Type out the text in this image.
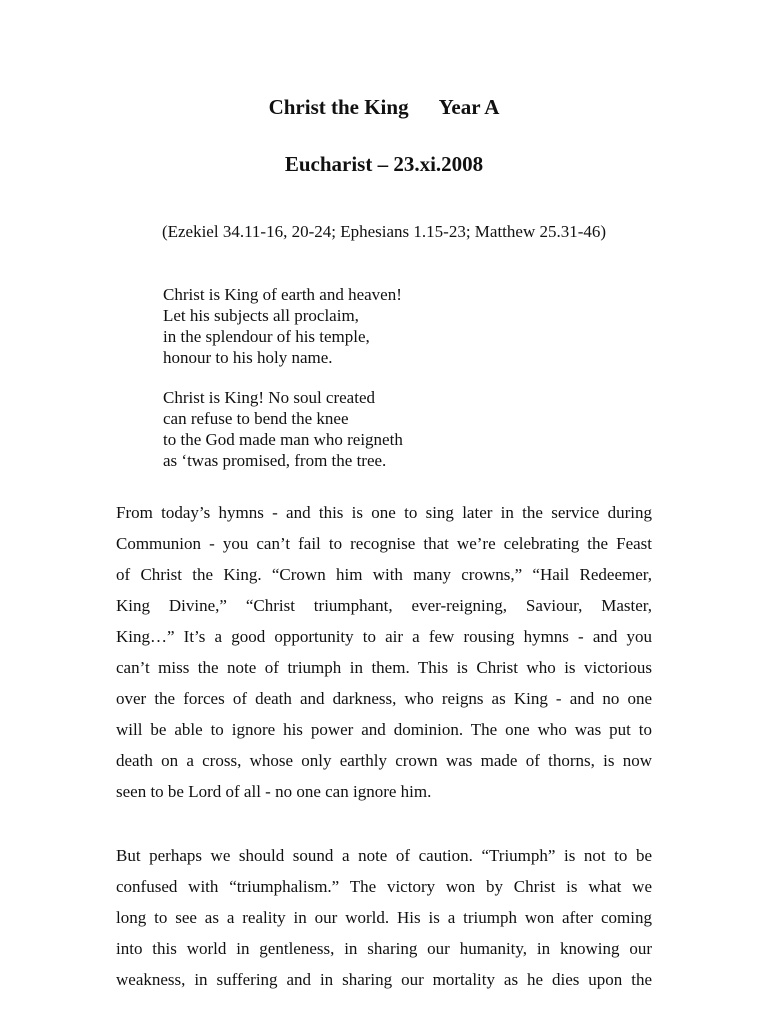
Christ the King Year A
Eucharist – 23.xi.2008
(Ezekiel 34.11-16, 20-24; Ephesians 1.15-23; Matthew 25.31-46)
Christ is King of earth and heaven!
Let his subjects all proclaim,
in the splendour of his temple,
honour to his holy name.
Christ is King! No soul created
can refuse to bend the knee
to the God made man who reigneth
as ‘twas promised, from the tree.
From today’s hymns - and this is one to sing later in the service during
Communion - you can’t fail to recognise that we’re celebrating the Feast
of Christ the King. “Crown him with many crowns,” “Hail Redeemer,
King Divine,” “Christ triumphant, ever-reigning, Saviour, Master,
King…” It’s a good opportunity to air a few rousing hymns - and you
can’t miss the note of triumph in them. This is Christ who is victorious
over the forces of death and darkness, who reigns as King - and no one
will be able to ignore his power and dominion. The one who was put to
death on a cross, whose only earthly crown was made of thorns, is now
seen to be Lord of all - no one can ignore him.
But perhaps we should sound a note of caution. “Triumph” is not to be
confused with “triumphalism.” The victory won by Christ is what we
long to see as a reality in our world. His is a triumph won after coming
into this world in gentleness, in sharing our humanity, in knowing our
weakness, in suffering and in sharing our mortality as he dies upon the
